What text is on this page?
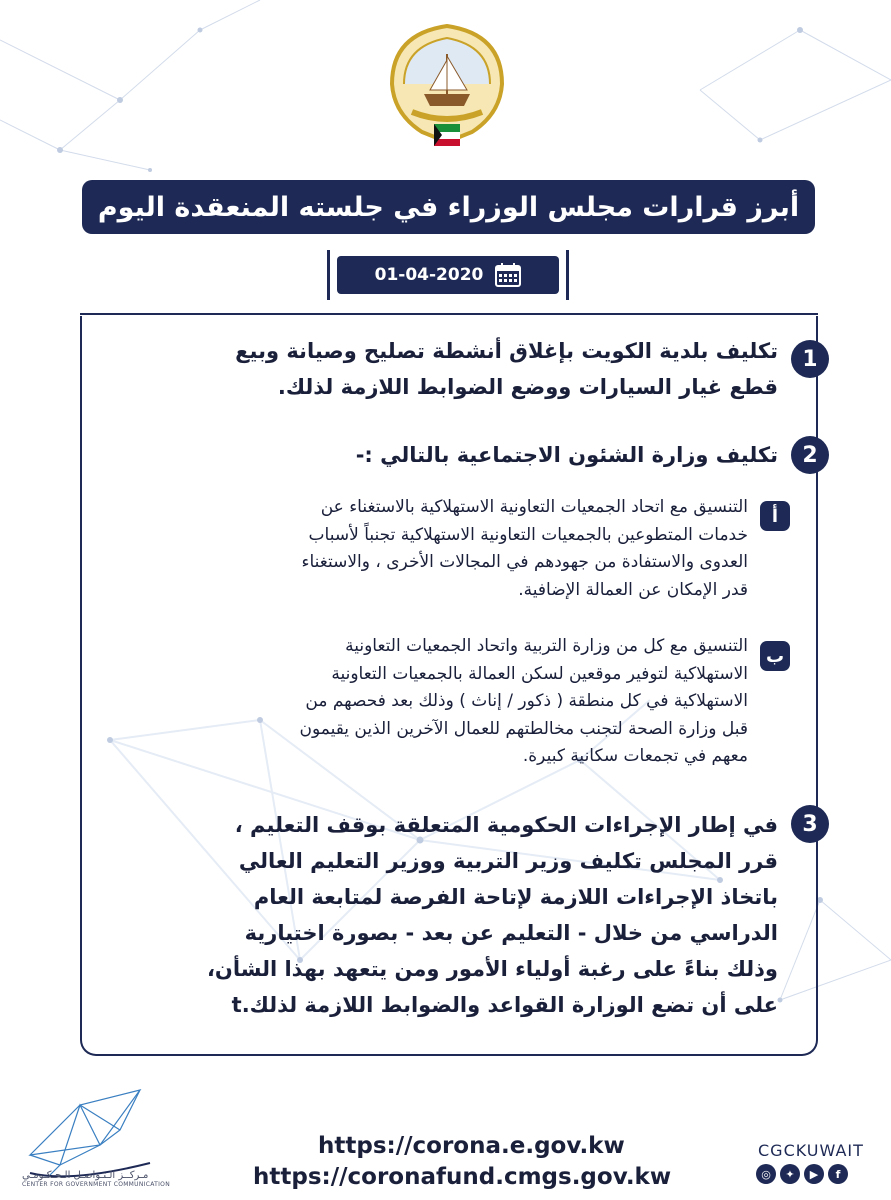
أبرز قرارات مجلس الوزراء في جلسته المنعقدة اليوم
01-04-2020
1
تكليف بلدية الكويت بإغلاق أنشطة تصليح وصيانة وبيع
قطع غيار السيارات ووضع الضوابط اللازمة لذلك.
2
تكليف وزارة الشئون الاجتماعية بالتالي :-
أ
التنسيق مع اتحاد الجمعيات التعاونية الاستهلاكية بالاستغناء عن
خدمات المتطوعين بالجمعيات التعاونية الاستهلاكية تجنباً لأسباب
العدوى والاستفادة من جهودهم في المجالات الأخرى ، والاستغناء
قدر الإمكان عن العمالة الإضافية.
ب
التنسيق مع كل من وزارة التربية واتحاد الجمعيات التعاونية
الاستهلاكية لتوفير موقعين لسكن العمالة بالجمعيات التعاونية
الاستهلاكية في كل منطقة ( ذكور / إناث ) وذلك بعد فحصهم من
قبل وزارة الصحة لتجنب مخالطتهم للعمال الآخرين الذين يقيمون
معهم في تجمعات سكانية كبيرة.
3
في إطار الإجراءات الحكومية المتعلقة بوقف التعليم ،
قرر المجلس تكليف وزير التربية ووزير التعليم العالي
باتخاذ الإجراءات اللازمة لإتاحة الفرصة لمتابعة العام
الدراسي من خلال - التعليم عن بعد - بصورة اختيارية
وذلك بناءً على رغبة أولياء الأمور ومن يتعهد بهذا الشأن،
على أن تضع الوزارة القواعد والضوابط اللازمة لذلك.t
مـركــز الـتـواصـل الـحـكـومـي
CENTER FOR GOVERNMENT COMMUNICATION
https://corona.e.gov.kw
https://coronafund.cmgs.gov.kw
CGCKUWAIT
◎	✦	▶	f
